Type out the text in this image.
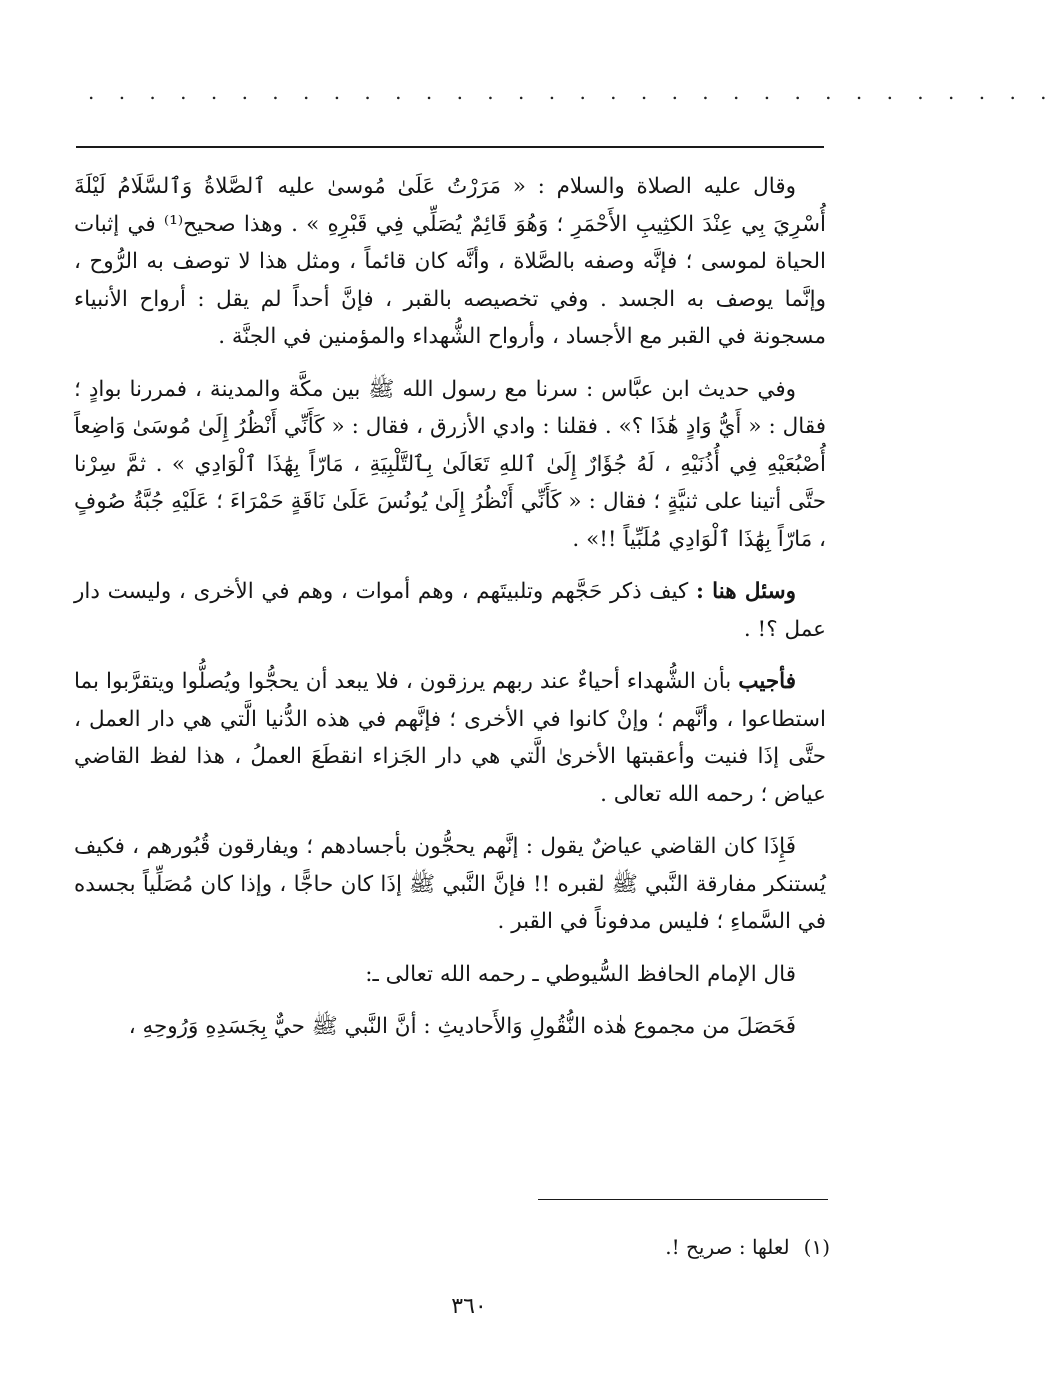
. . . . . . . . . . . . . . . . . . . . . . . . . . . . . . . .

وقال عليه الصلاة والسلام : « مَرَرْتُ عَلَىٰ مُوسىٰ عليه ٱلصَّلاةُ وَٱلسَّلَامُ لَيْلَةَ أُسْرِيَ بِي عِنْدَ الكثِيبِ الأَحْمَرِ ؛ وَهُوَ قَائِمٌ يُصَلِّي فِي قَبْرِهِ » . وهذا صحيح⁽¹⁾ في إثبات الحياة لموسى ؛ فإنَّه وصفه بالصَّلاة ، وأنَّه كان قائماً ، ومثل هذا لا توصف به الرُّوح ، وإنَّما يوصف به الجسد . وفي تخصيصه بالقبر ، فإنَّ أحداً لم يقل : أرواح الأنبياء مسجونة في القبر مع الأجساد ، وأرواح الشُّهداء والمؤمنين في الجنَّة .

وفي حديث ابن عبَّاس : سرنا مع رسول الله ﷺ بين مكَّة والمدينة ، فمررنا بوادٍ ؛ فقال : « أَيُّ وَادٍ هَٰذَا ؟» . فقلنا : وادي الأزرق ، فقال : « كَأَنِّي أَنْظُرُ إِلَىٰ مُوسَىٰ وَاضِعاً أُصْبُعَيْهِ فِي أُذُنَيْهِ ، لَهُ جُؤَارٌ إِلَىٰ ٱللهِ تَعَالَىٰ بِٱلتَّلْبِيَةِ ، مَارّاً بِهَٰذَا ٱلْوَادِي » . ثمَّ سِرْنا حتَّى أتينا على ثنيَّةٍ ؛ فقال : « كَأَنِّي أَنْظُرُ إِلَىٰ يُونُسَ عَلَىٰ نَاقَةٍ حَمْرَاءَ ؛ عَلَيْهِ جُبَّةُ صُوفٍ ، مَارّاً بِهَٰذَا ٱلْوَادِي مُلَبِّياً !!» .

وسئل هنا : كيف ذكر حَجَّهم وتلبيتَهم ، وهم أموات ، وهم في الأخرى ، وليست دار عمل ؟! .

فأجيب بأن الشُّهداء أحياءٌ عند ربهم يرزقون ، فلا يبعد أن يحجُّوا ويُصلُّوا ويتقرَّبوا بما استطاعوا ، وأنَّهم ؛ وإنْ كانوا في الأخرى ؛ فإنَّهم في هذه الدُّنيا الَّتي هي دار العمل ، حتَّى إذَا فنيت وأعقبتها الأخرىٰ الَّتي هي دار الجَزاء انقطَعَ العملُ ، هذا لفظ القاضي عياض ؛ رحمه الله تعالى .

فَإِذَا كان القاضي عياضٌ يقول : إنَّهم يحجُّون بأجسادهم ؛ ويفارقون قُبُورهم ، فكيف يُستنكر مفارقة النَّبي ﷺ لقبره !! فإنَّ النَّبي ﷺ إذَا كان حاجًّا ، وإذا كان مُصَلِّياً بجسده في السَّماءِ ؛ فليس مدفوناً في القبر .

قال الإمام الحافظ السُّيوطي ـ رحمه الله تعالى ـ:

فَحَصَلَ من مجموع هٰذه النُّقُولِ وَالأَحاديثِ : أنَّ النَّبي ﷺ حيٌّ بِجَسَدِهِ وَرُوحِهِ ،

(١)لعلها : صريح !.
٣٦٠
